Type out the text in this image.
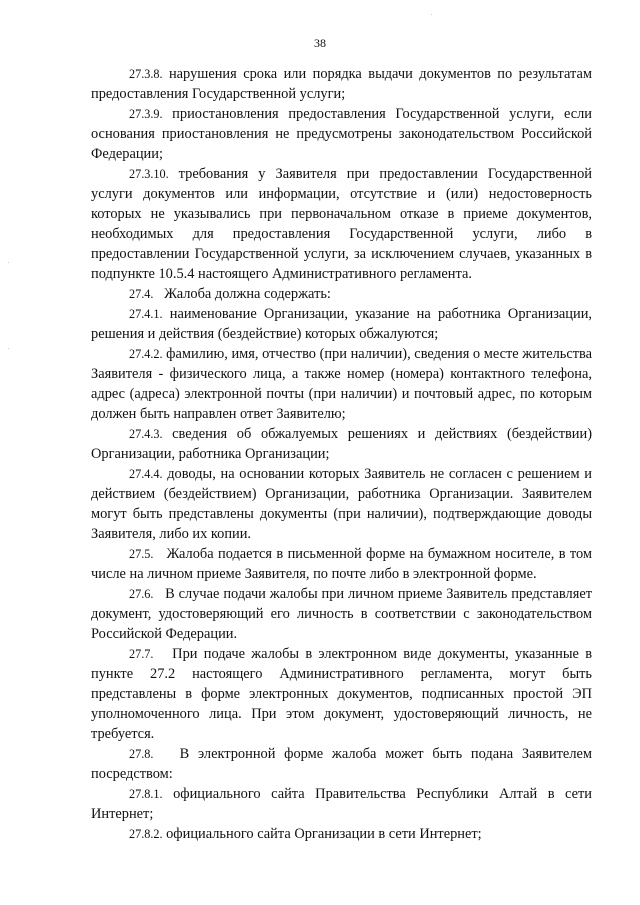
38

27.3.8. нарушения срока или порядка выдачи документов по результатам предоставления Государственной услуги;

27.3.9. приостановления предоставления Государственной услуги, если основания приостановления не предусмотрены законодательством Российской Федерации;

27.3.10. требования у Заявителя при предоставлении Государственной услуги документов или информации, отсутствие и (или) недостоверность которых не указывались при первоначальном отказе в приеме документов, необходимых для предоставления Государственной услуги, либо в предоставлении Государственной услуги, за исключением случаев, указанных в подпункте 10.5.4 настоящего Административного регламента.

27.4.   Жалоба должна содержать:

27.4.1. наименование Организации, указание на работника Организации, решения и действия (бездействие) которых обжалуются;

27.4.2. фамилию, имя, отчество (при наличии), сведения о месте жительства Заявителя - физического лица, а также номер (номера) контактного телефона, адрес (адреса) электронной почты (при наличии) и почтовый адрес, по которым должен быть направлен ответ Заявителю;

27.4.3. сведения об обжалуемых решениях и действиях (бездействии) Организации, работника Организации;

27.4.4. доводы, на основании которых Заявитель не согласен с решением и действием (бездействием) Организации, работника Организации. Заявителем могут быть представлены документы (при наличии), подтверждающие доводы Заявителя, либо их копии.

27.5.   Жалоба подается в письменной форме на бумажном носителе, в том числе на личном приеме Заявителя, по почте либо в электронной форме.

27.6.   В случае подачи жалобы при личном приеме Заявитель представляет документ, удостоверяющий его личность в соответствии с законодательством Российской Федерации.

27.7.   При подаче жалобы в электронном виде документы, указанные в пункте 27.2 настоящего Административного регламента, могут быть представлены в форме электронных документов, подписанных простой ЭП уполномоченного лица. При этом документ, удостоверяющий личность, не требуется.

27.8.   В электронной форме жалоба может быть подана Заявителем посредством:

27.8.1. официального сайта Правительства Республики Алтай в сети Интернет;

27.8.2. официального сайта Организации в сети Интернет;
